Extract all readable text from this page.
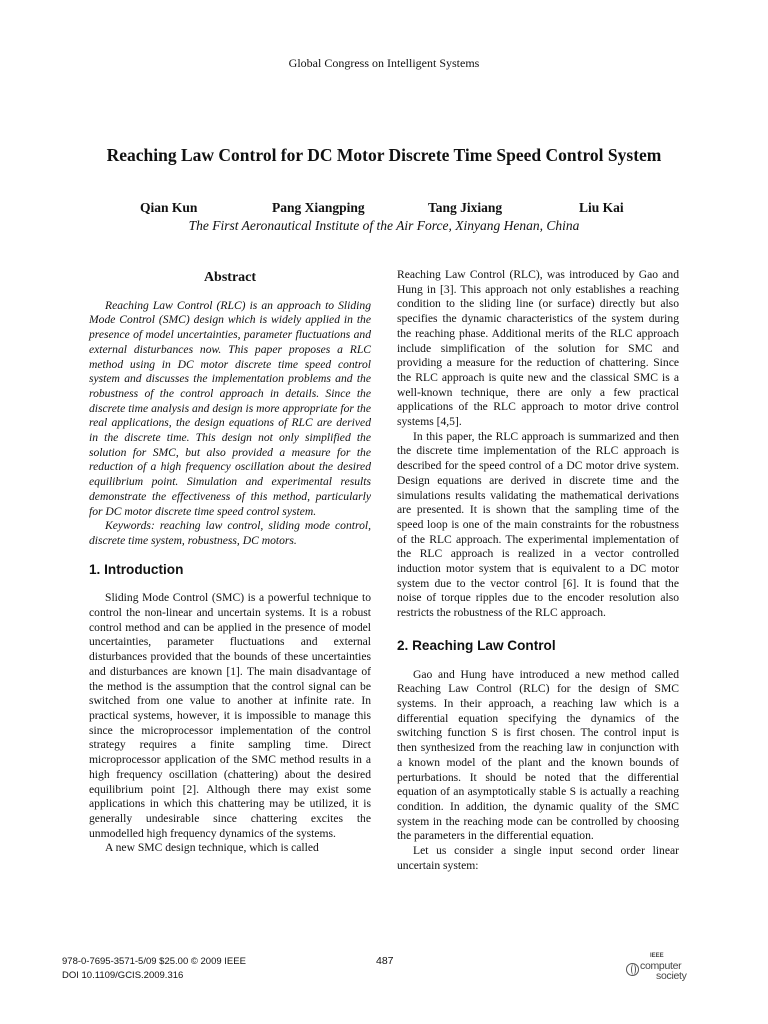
Global Congress on Intelligent Systems
Reaching Law Control for DC Motor Discrete Time Speed Control System
Qian Kun	Pang Xiangping	Tang Jixiang	Liu Kai
The First Aeronautical Institute of the Air Force, Xinyang Henan, China
Abstract

Reaching Law Control (RLC) is an approach to Sliding Mode Control (SMC) design which is widely applied in the presence of model uncertainties, parameter fluctuations and external disturbances now. This paper proposes a RLC method using in DC motor discrete time speed control system and discusses the implementation problems and the robustness of the control approach in details. Since the discrete time analysis and design is more appropriate for the real applications, the design equations of RLC are derived in the discrete time. This design not only simplified the solution for SMC, but also provided a measure for the reduction of a high frequency oscillation about the desired equilibrium point. Simulation and experimental results demonstrate the effectiveness of this method, particularly for DC motor discrete time speed control system.

Keywords: reaching law control, sliding mode control, discrete time system, robustness, DC motors.

1. Introduction

Sliding Mode Control (SMC) is a powerful technique to control the non-linear and uncertain systems. It is a robust control method and can be applied in the presence of model uncertainties, parameter fluctuations and external disturbances provided that the bounds of these uncertainties and disturbances are known [1]. The main disadvantage of the method is the assumption that the control signal can be switched from one value to another at infinite rate. In practical systems, however, it is impossible to manage this since the microprocessor implementation of the control strategy requires a finite sampling time. Direct microprocessor application of the SMC method results in a high frequency oscillation (chattering) about the desired equilibrium point [2]. Although there may exist some applications in which this chattering may be utilized, it is generally undesirable since chattering excites the unmodelled high frequency dynamics of the systems.

A new SMC design technique, which is called

Reaching Law Control (RLC), was introduced by Gao and Hung in [3]. This approach not only establishes a reaching condition to the sliding line (or surface) directly but also specifies the dynamic characteristics of the system during the reaching phase. Additional merits of the RLC approach include simplification of the solution for SMC and providing a measure for the reduction of chattering. Since the RLC approach is quite new and the classical SMC is a well-known technique, there are only a few practical applications of the RLC approach to motor drive control systems [4,5].

In this paper, the RLC approach is summarized and then the discrete time implementation of the RLC approach is described for the speed control of a DC motor drive system. Design equations are derived in discrete time and the simulations results validating the mathematical derivations are presented. It is shown that the sampling time of the speed loop is one of the main constraints for the robustness of the RLC approach. The experimental implementation of the RLC approach is realized in a vector controlled induction motor system that is equivalent to a DC motor system due to the vector control [6]. It is found that the noise of torque ripples due to the encoder resolution also restricts the robustness of the RLC approach.

2. Reaching Law Control

Gao and Hung have introduced a new method called Reaching Law Control (RLC) for the design of SMC systems. In their approach, a reaching law which is a differential equation specifying the dynamics of the switching function S is first chosen. The control input is then synthesized from the reaching law in conjunction with a known model of the plant and the known bounds of perturbations. It should be noted that the differential equation of an asymptotically stable S is actually a reaching condition. In addition, the dynamic quality of the SMC system in the reaching mode can be controlled by choosing the parameters in the differential equation.

Let us consider a single input second order linear uncertain system:

978-0-7695-3571-5/09 $25.00 © 2009 IEEE
DOI 10.1109/GCIS.2009.316
487	IEEE
computer
society
